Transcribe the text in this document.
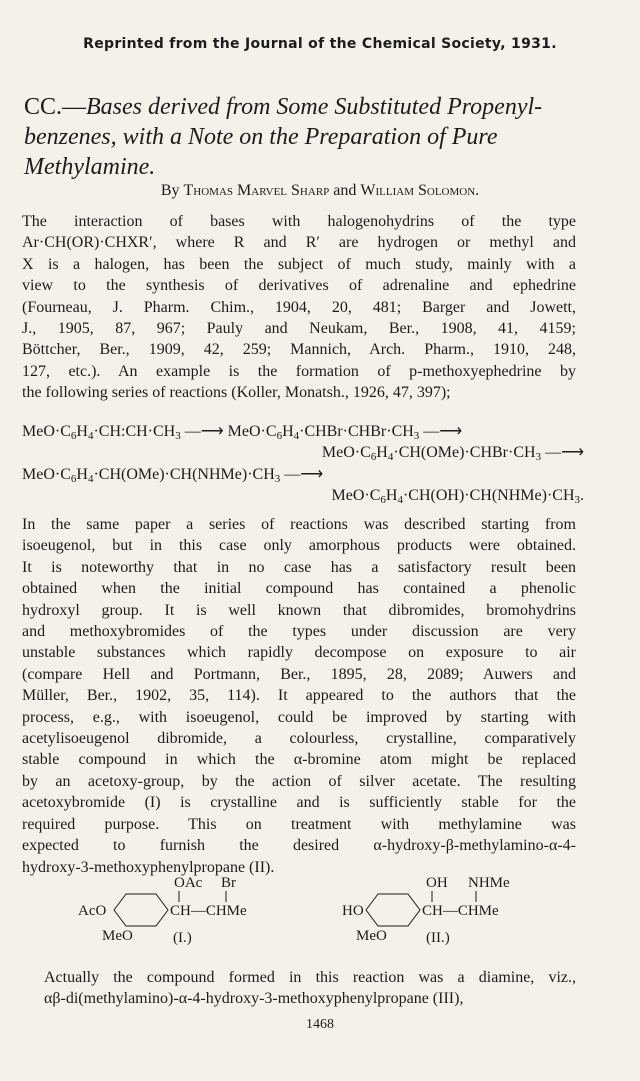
Reprinted from the Journal of the Chemical Society, 1931.
CC.—Bases derived from Some Substituted Propenyl-
benzenes, with a Note on the Preparation of Pure
Methylamine.
By Thomas Marvel Sharp and William Solomon.
The interaction of bases with halogenohydrins of the type
Ar·CH(OR)·CHXR′, where R and R′ are hydrogen or methyl and
X is a halogen, has been the subject of much study, mainly with a
view to the synthesis of derivatives of adrenaline and ephedrine
(Fourneau, J. Pharm. Chim., 1904, 20, 481; Barger and Jowett,
J., 1905, 87, 967; Pauly and Neukam, Ber., 1908, 41, 4159;
Böttcher, Ber., 1909, 42, 259; Mannich, Arch. Pharm., 1910, 248,
127, etc.). An example is the formation of p-methoxyephedrine by
the following series of reactions (Koller, Monatsh., 1926, 47, 397);
$MeO\cdot C_6H_4\cdot CH:CH\cdot CH_3$ —⟶ $MeO\cdot C_6H_4\cdot CHBr\cdot CHBr\cdot CH_3$ —⟶
$MeO\cdot C_6H_4\cdot CH(OMe)\cdot CHBr\cdot CH_3$ —⟶
$MeO\cdot C_6H_4\cdot CH(OMe)\cdot CH(NHMe)\cdot CH_3$ —⟶
$MeO\cdot C_6H_4\cdot CH(OH)\cdot CH(NHMe)\cdot CH_3$.
In the same paper a series of reactions was described starting from
isoeugenol, but in this case only amorphous products were obtained.
It is noteworthy that in no case has a satisfactory result been
obtained when the initial compound has contained a phenolic
hydroxyl group. It is well known that dibromides, bromohydrins
and methoxybromides of the types under discussion are very
unstable substances which rapidly decompose on exposure to air
(compare Hell and Portmann, Ber., 1895, 28, 2089; Auwers and
Müller, Ber., 1902, 35, 114). It appeared to the authors that the
process, e.g., with isoeugenol, could be improved by starting with
acetylisoeugenol dibromide, a colourless, crystalline, comparatively
stable compound in which the α-bromine atom might be replaced
by an acetoxy-group, by the action of silver acetate. The resulting
acetoxybromide (I) is crystalline and is sufficiently stable for the
required purpose. This on treatment with methylamine was
expected to furnish the desired α-hydroxy-β-methylamino-α-4-
hydroxy-3-methoxyphenylpropane (II).
OAc Br
AcO	CH—CHMe
MeO	(I.)
OH NHMe
HO	CH—CHMe
MeO	(II.)
Actually the compound formed in this reaction was a diamine, viz.,
αβ-di(methylamino)-α-4-hydroxy-3-methoxyphenylpropane (III),
1468
